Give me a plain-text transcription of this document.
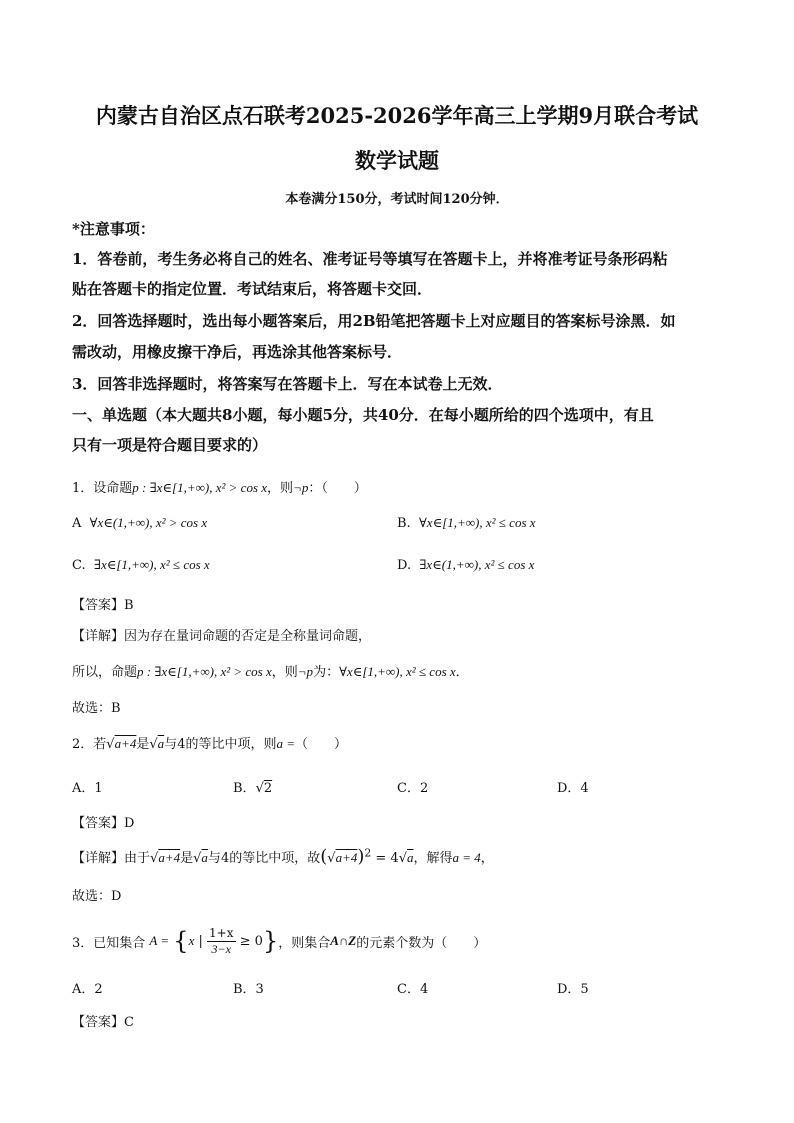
内蒙古自治区点石联考2025-2026学年高三上学期9月联合考试
数学试题
本卷满分150分，考试时间120分钟．
*注意事项：
1．答卷前，考生务必将自己的姓名、准考证号等填写在答题卡上，并将准考证号条形码粘
贴在答题卡的指定位置．考试结束后，将答题卡交回．
2．回答选择题时，选出每小题答案后，用2B铅笔把答题卡上对应题目的答案标号涂黑．如
需改动，用橡皮擦干净后，再选涂其他答案标号．
3．回答非选择题时，将答案写在答题卡上．写在本试卷上无效．
一、单选题（本大题共8小题，每小题5分，共40分．在每小题所给的四个选项中，有且
只有一项是符合题目要求的）
1．设命题p : ∃x∈[1,+∞), x² > cos x，则¬p：（　　）
A ∀x∈(1,+∞), x² > cos x	B. ∀x∈[1,+∞), x² ≤ cos x
C. ∃x∈[1,+∞), x² ≤ cos x	D. ∃x∈(1,+∞), x² ≤ cos x
【答案】B
【详解】因为存在量词命题的否定是全称量词命题，
所以，命题p : ∃x∈[1,+∞), x² > cos x，则¬p为：∀x∈[1,+∞), x² ≤ cos x．
故选：B
2．若√a+4是√a与4的等比中项，则a =（　　）
A．1	B．√2	C．2	D．4
【答案】D
【详解】由于√a+4是√a与4的等比中项，故$(√a+4)^2 = 4√a$，解得a = 4，
故选：D
3．已知集合 A = {x | $\frac{1+x}{3-x} \ge 0$}，则集合A∩Z的元素个数为（　　）
A．2	B．3	C．4	D．5
【答案】C
